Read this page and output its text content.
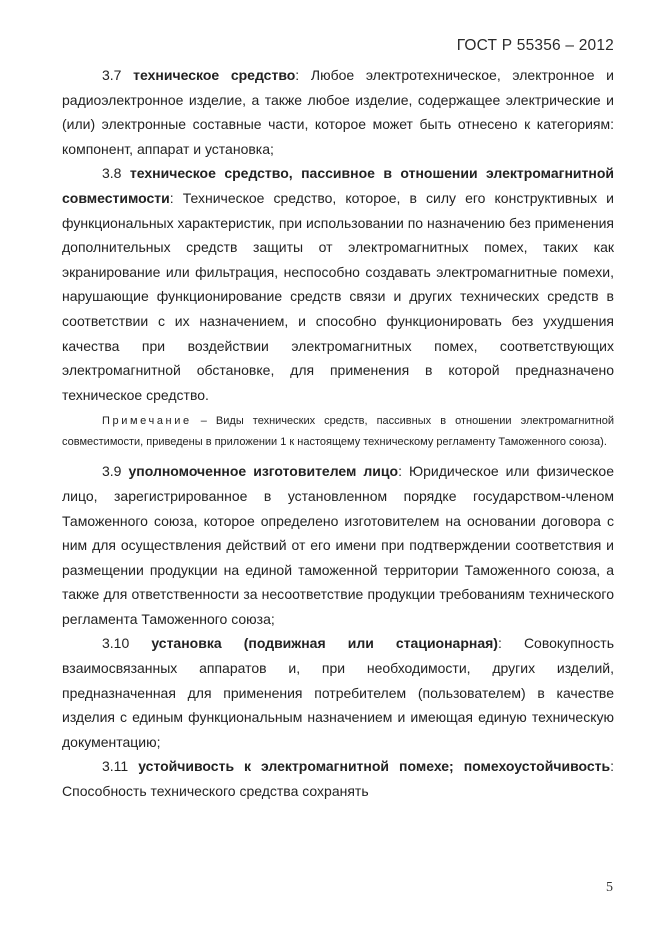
ГОСТ Р 55356 – 2012

3.7 техническое средство: Любое электротехническое, электронное и радиоэлектронное изделие, а также любое изделие, содержащее электрические и (или) электронные составные части, которое может быть отнесено к категориям: компонент, аппарат и установка;

3.8 техническое средство, пассивное в отношении электромагнитной совместимости: Техническое средство, которое, в силу его конструктивных и функциональных характеристик, при использовании по назначению без применения дополнительных средств защиты от электромагнитных помех, таких как экранирование или фильтрация, неспособно создавать электромагнитные помехи, нарушающие функционирование средств связи и других технических средств в соответствии с их назначением, и способно функционировать без ухудшения качества при воздействии электромагнитных помех, соответствующих электромагнитной обстановке, для применения в которой предназначено техническое средство.

Примечание – Виды технических средств, пассивных в отношении электромагнитной совместимости, приведены в приложении 1 к настоящему техническому регламенту Таможенного союза).

3.9 уполномоченное изготовителем лицо: Юридическое или физическое лицо, зарегистрированное в установленном порядке государством-членом Таможенного союза, которое определено изготовителем на основании договора с ним для осуществления действий от его имени при подтверждении соответствия и размещении продукции на единой таможенной территории Таможенного союза, а также для ответственности за несоответствие продукции требованиям технического регламента Таможенного союза;

3.10 установка (подвижная или стационарная): Совокупность взаимосвязанных аппаратов и, при необходимости, других изделий, предназначенная для применения потребителем (пользователем) в качестве изделия с единым функциональным назначением и имеющая единую техническую документацию;

3.11 устойчивость к электромагнитной помехе; помехоустойчивость: Способность технического средства сохранять

5
